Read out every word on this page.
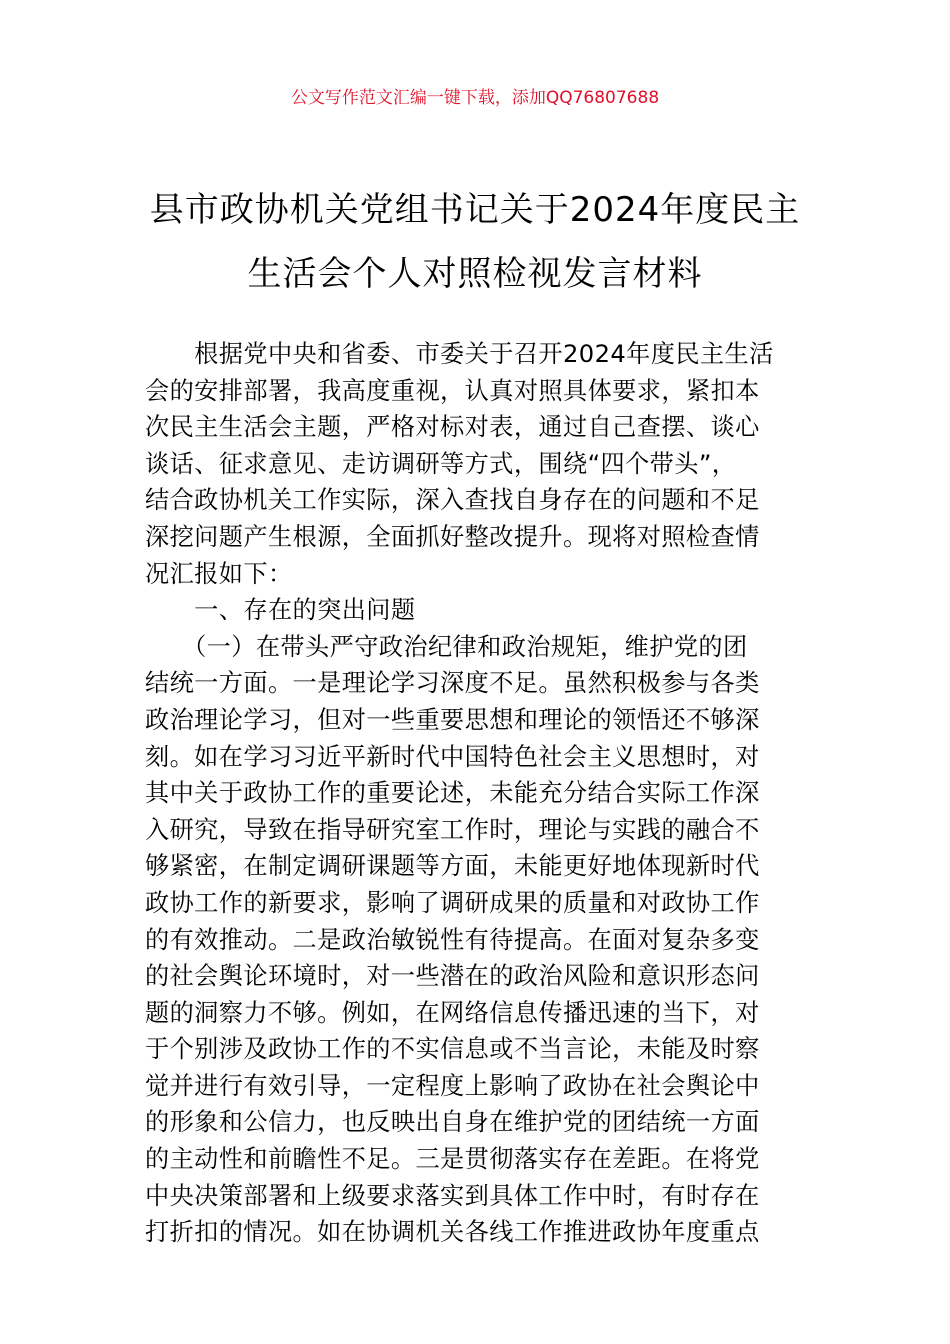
公文写作范文汇编一键下载，添加QQ76807688
县市政协机关党组书记关于2024年度民主
生活会个人对照检视发言材料
　　根据党中央和省委、市委关于召开2024年度民主生活
会的安排部署，我高度重视，认真对照具体要求，紧扣本
次民主生活会主题，严格对标对表，通过自己查摆、谈心
谈话、征求意见、走访调研等方式，围绕“四个带头”，
结合政协机关工作实际，深入查找自身存在的问题和不足
深挖问题产生根源，全面抓好整改提升。现将对照检查情
况汇报如下：
　　一、存在的突出问题
　　（一）在带头严守政治纪律和政治规矩，维护党的团
结统一方面。一是理论学习深度不足。虽然积极参与各类
政治理论学习，但对一些重要思想和理论的领悟还不够深
刻。如在学习习近平新时代中国特色社会主义思想时，对
其中关于政协工作的重要论述，未能充分结合实际工作深
入研究，导致在指导研究室工作时，理论与实践的融合不
够紧密，在制定调研课题等方面，未能更好地体现新时代
政协工作的新要求，影响了调研成果的质量和对政协工作
的有效推动。二是政治敏锐性有待提高。在面对复杂多变
的社会舆论环境时，对一些潜在的政治风险和意识形态问
题的洞察力不够。例如，在网络信息传播迅速的当下，对
于个别涉及政协工作的不实信息或不当言论，未能及时察
觉并进行有效引导，一定程度上影响了政协在社会舆论中
的形象和公信力，也反映出自身在维护党的团结统一方面
的主动性和前瞻性不足。三是贯彻落实存在差距。在将党
中央决策部署和上级要求落实到具体工作中时，有时存在
打折扣的情况。如在协调机关各线工作推进政协年度重点
